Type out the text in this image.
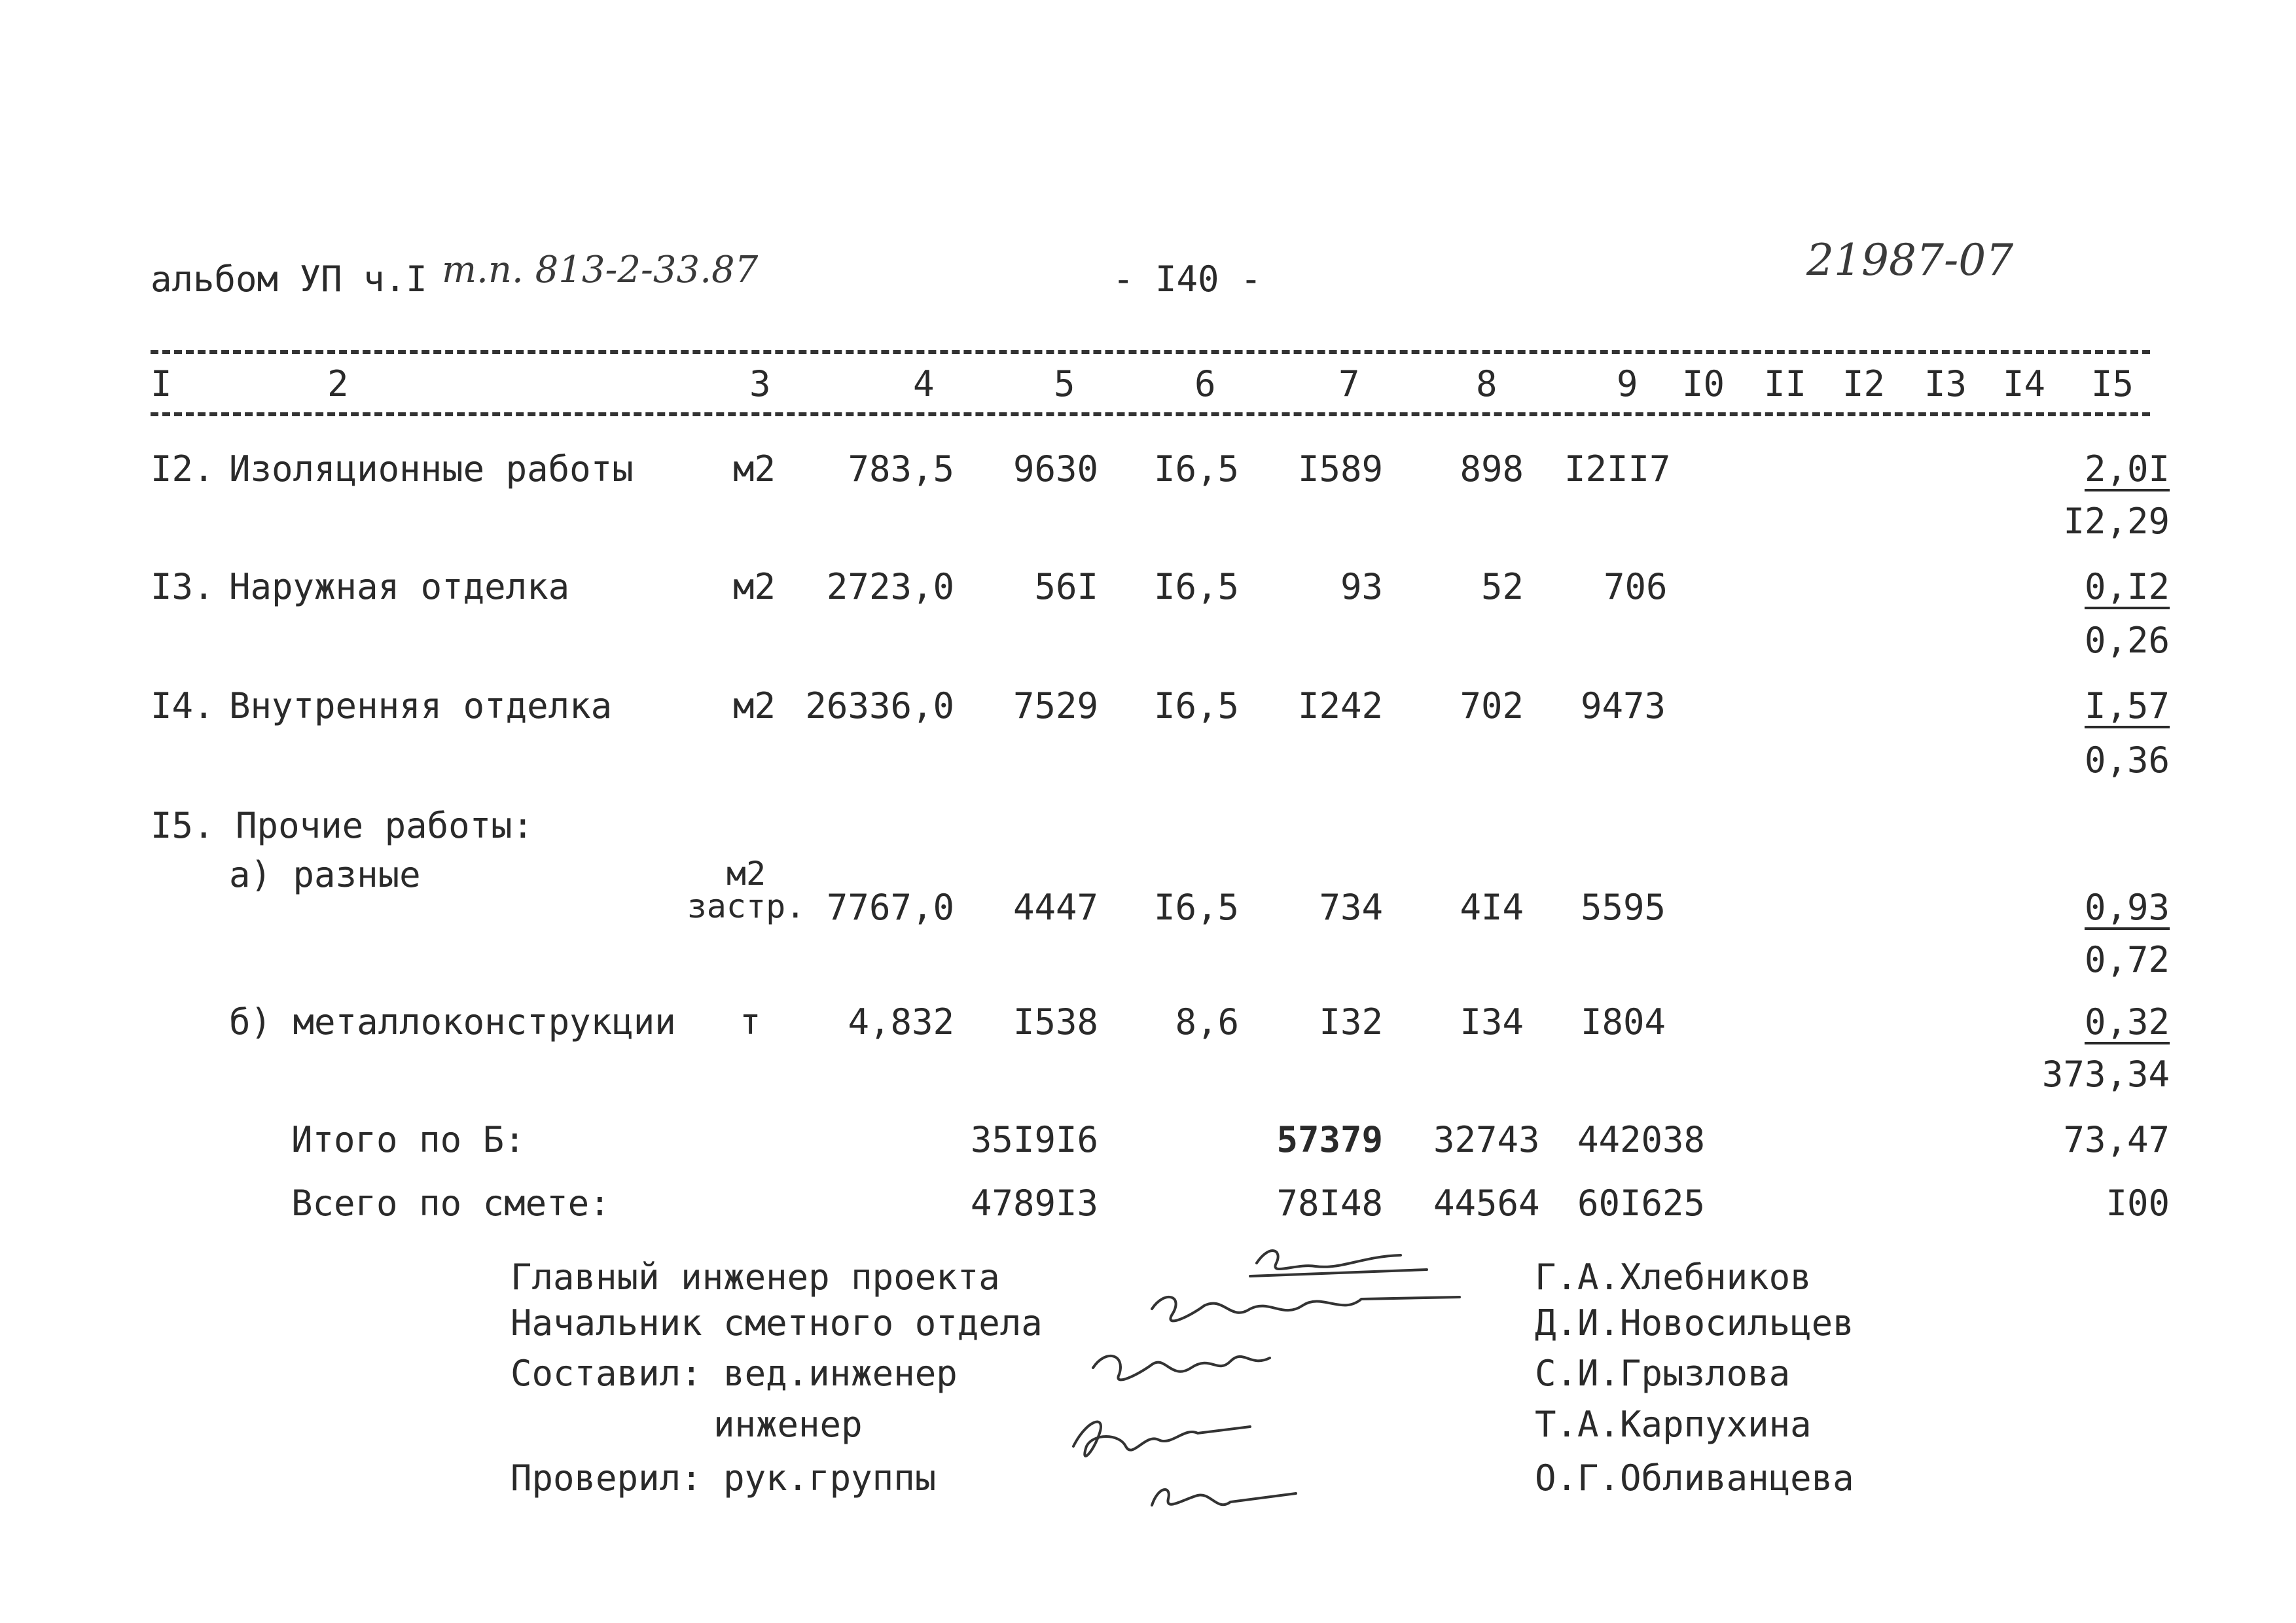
альбом УП ч.I т.п. 813-2-33.87	- I40 -	21987-07
I	2	3	4	5	6	7	8	9 I0 II I2 I3 I4 I5
I2. Изоляционные работы	м2 783,5 9630 I6,5 I589 898 I2II7	2,0I
I2,29
I3. Наружная отделка	м2 2723,0 56I I6,5	93	52 706	0,I2
0,26
I4. Внутренняя отделка	м2 26336,0 7529 I6,5 I242 702 9473	I,57
0,36
I5. Прочие работы:
а) разные	м2
застр. 7767,0 4447 I6,5 734 4I4 5595	0,93
0,72
б) металлоконструкции т 4,832 I538 8,6 I32 I34 I804	0,32
373,34
Итого по Б:	35I9I6	57379 32743 442038	73,47
Всего по смете:	4789I3	78I48 44564 60I625	I00
Главный инженер проекта	Г.А.Хлебников
Начальник сметного отдела	Д.И.Новосильцев
Составил: вед.инженер	С.И.Грызлова
инженер	Т.А.Карпухина
Проверил: рук.группы	О.Г.Обливанцева
